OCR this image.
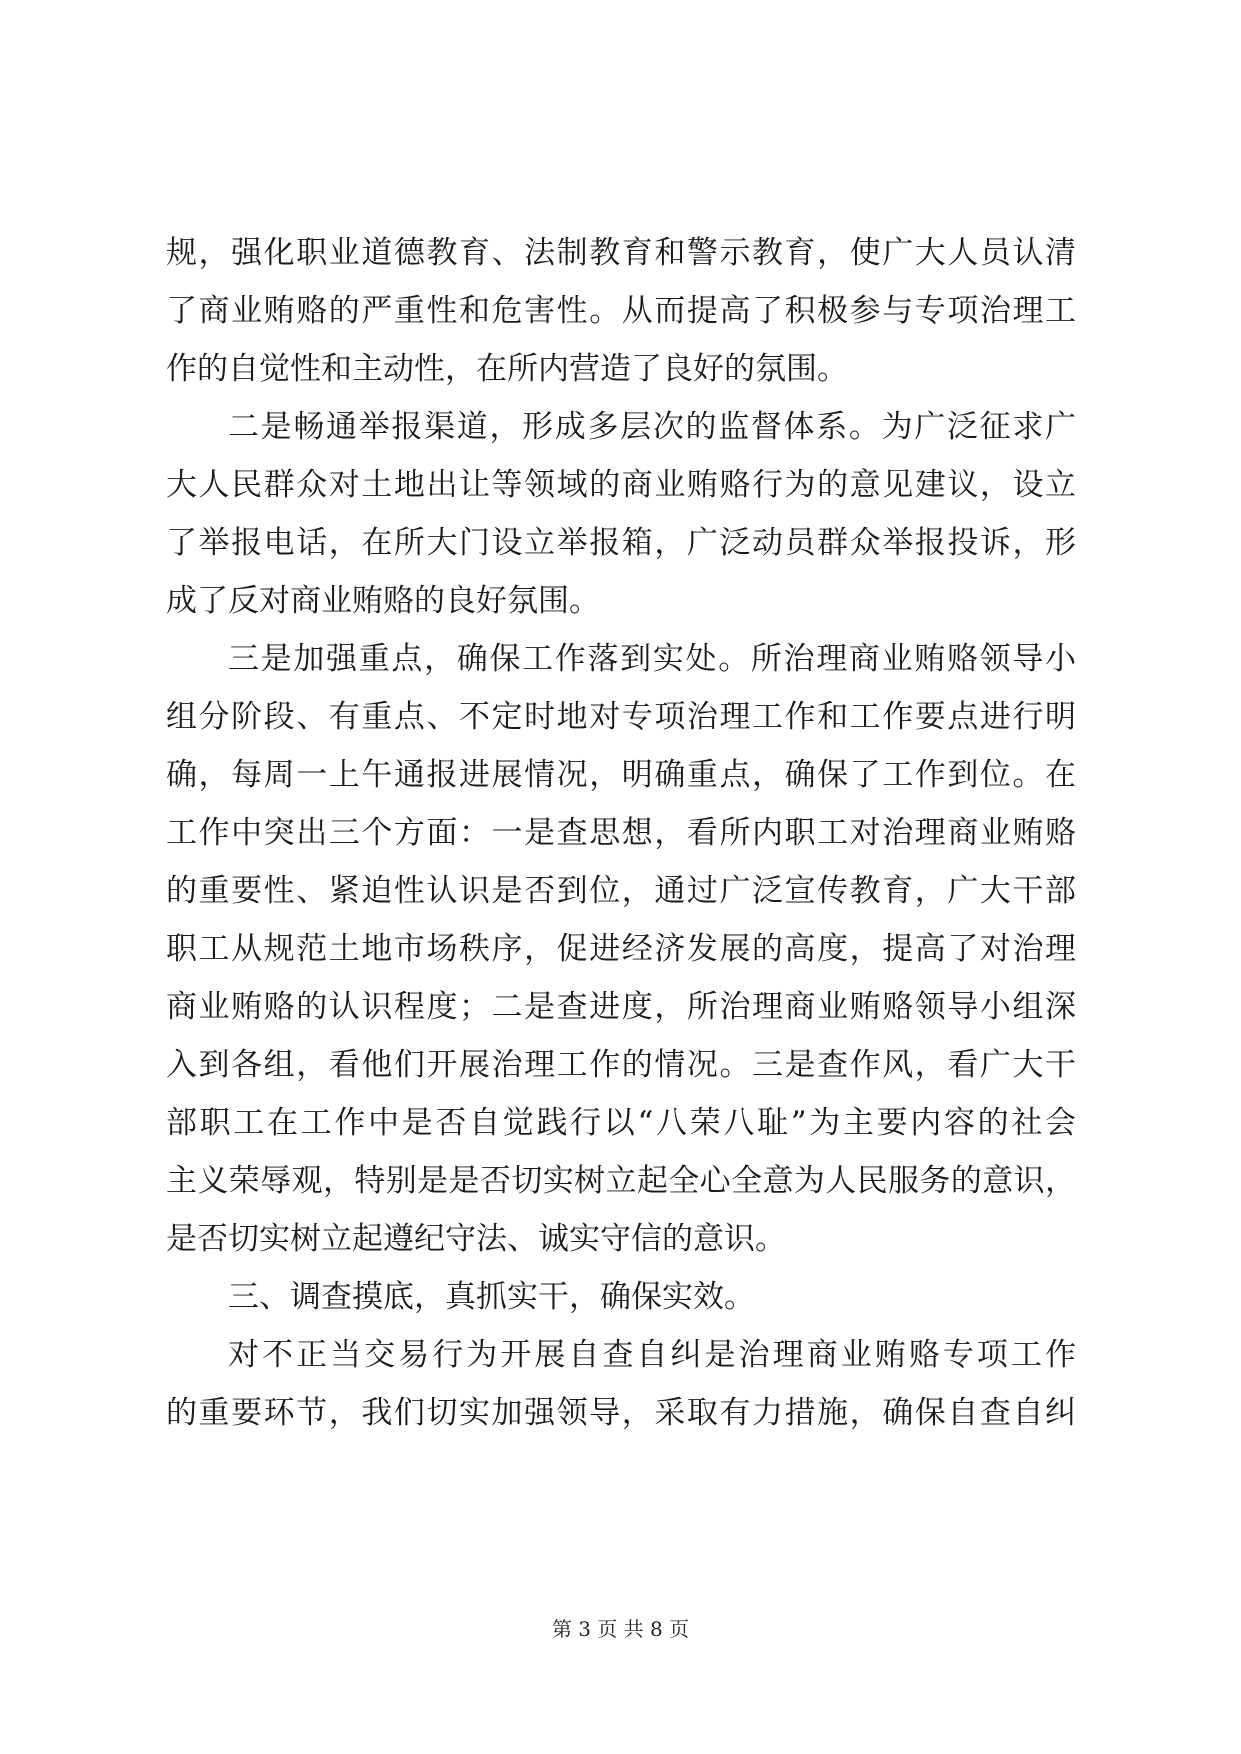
规，强化职业道德教育、法制教育和警示教育，使广大人员认清
了商业贿赂的严重性和危害性。从而提高了积极参与专项治理工
作的自觉性和主动性，在所内营造了良好的氛围。
二是畅通举报渠道，形成多层次的监督体系。为广泛征求广
大人民群众对土地出让等领域的商业贿赂行为的意见建议，设立
了举报电话，在所大门设立举报箱，广泛动员群众举报投诉，形
成了反对商业贿赂的良好氛围。
三是加强重点，确保工作落到实处。所治理商业贿赂领导小
组分阶段、有重点、不定时地对专项治理工作和工作要点进行明
确，每周一上午通报进展情况，明确重点，确保了工作到位。在
工作中突出三个方面：一是查思想，看所内职工对治理商业贿赂
的重要性、紧迫性认识是否到位，通过广泛宣传教育，广大干部
职工从规范土地市场秩序，促进经济发展的高度，提高了对治理
商业贿赂的认识程度；二是查进度，所治理商业贿赂领导小组深
入到各组，看他们开展治理工作的情况。三是查作风，看广大干
部职工在工作中是否自觉践行以“八荣八耻”为主要内容的社会
主义荣辱观，特别是是否切实树立起全心全意为人民服务的意识，
是否切实树立起遵纪守法、诚实守信的意识。
三、调查摸底，真抓实干，确保实效。
对不正当交易行为开展自查自纠是治理商业贿赂专项工作
的重要环节，我们切实加强领导，采取有力措施，确保自查自纠
第 3 页 共 8 页
